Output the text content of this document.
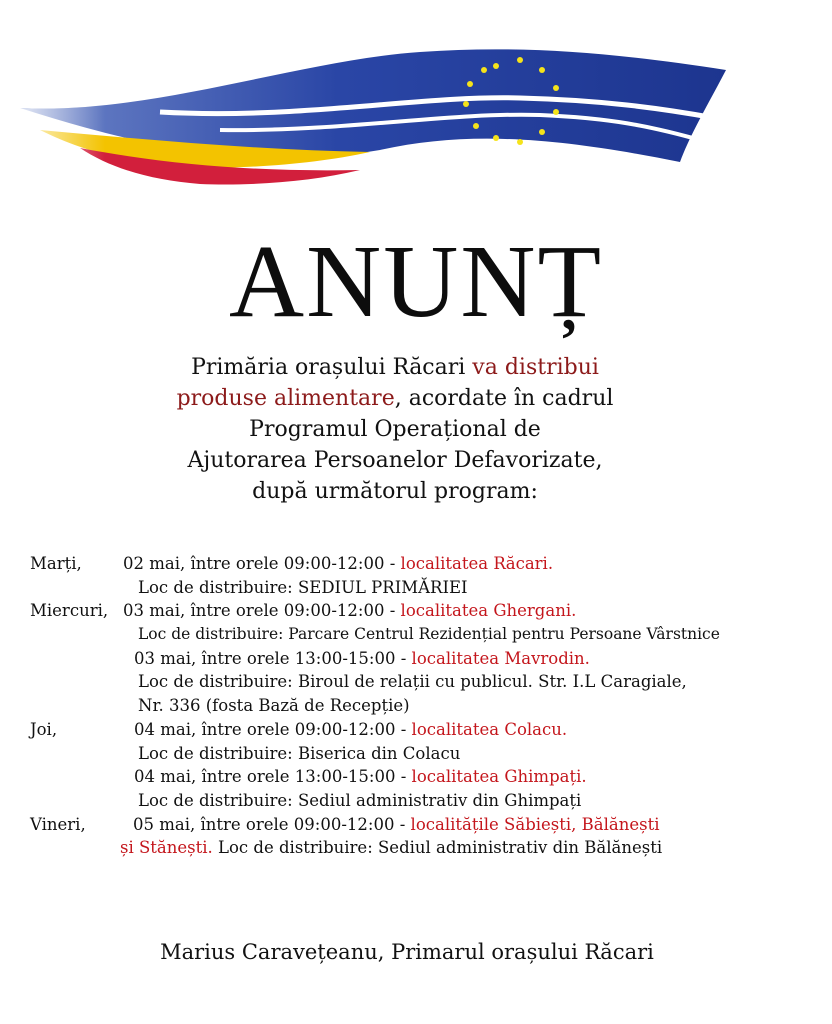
ANUNȚ
Primăria orașului Răcari va distribui
produse alimentare, acordate în cadrul
Programul Operațional de
Ajutorarea Persoanelor Defavorizate,
după următorul program:
Marți, 02 mai, între orele 09:00-12:00 - localitatea Răcari.
Loc de distribuire: SEDIUL PRIMĂRIEI
Miercuri, 03 mai, între orele 09:00-12:00 - localitatea Ghergani.
Loc de distribuire: Parcare Centrul Rezidențial pentru Persoane Vârstnice
03 mai, între orele 13:00-15:00 - localitatea Mavrodin.
Loc de distribuire: Biroul de relații cu publicul. Str. I.L Caragiale,
Nr. 336 (fosta Bază de Recepție)
Joi,	04 mai, între orele 09:00-12:00 - localitatea Colacu.
Loc de distribuire: Biserica din Colacu
04 mai, între orele 13:00-15:00 - localitatea Ghimpați.
Loc de distribuire: Sediul administrativ din Ghimpați
Vineri,	05 mai, între orele 09:00-12:00 - localitățile Săbiești, Bălănești
și Stănești. Loc de distribuire: Sediul administrativ din Bălănești
Marius Caravețeanu, Primarul orașului Răcari
